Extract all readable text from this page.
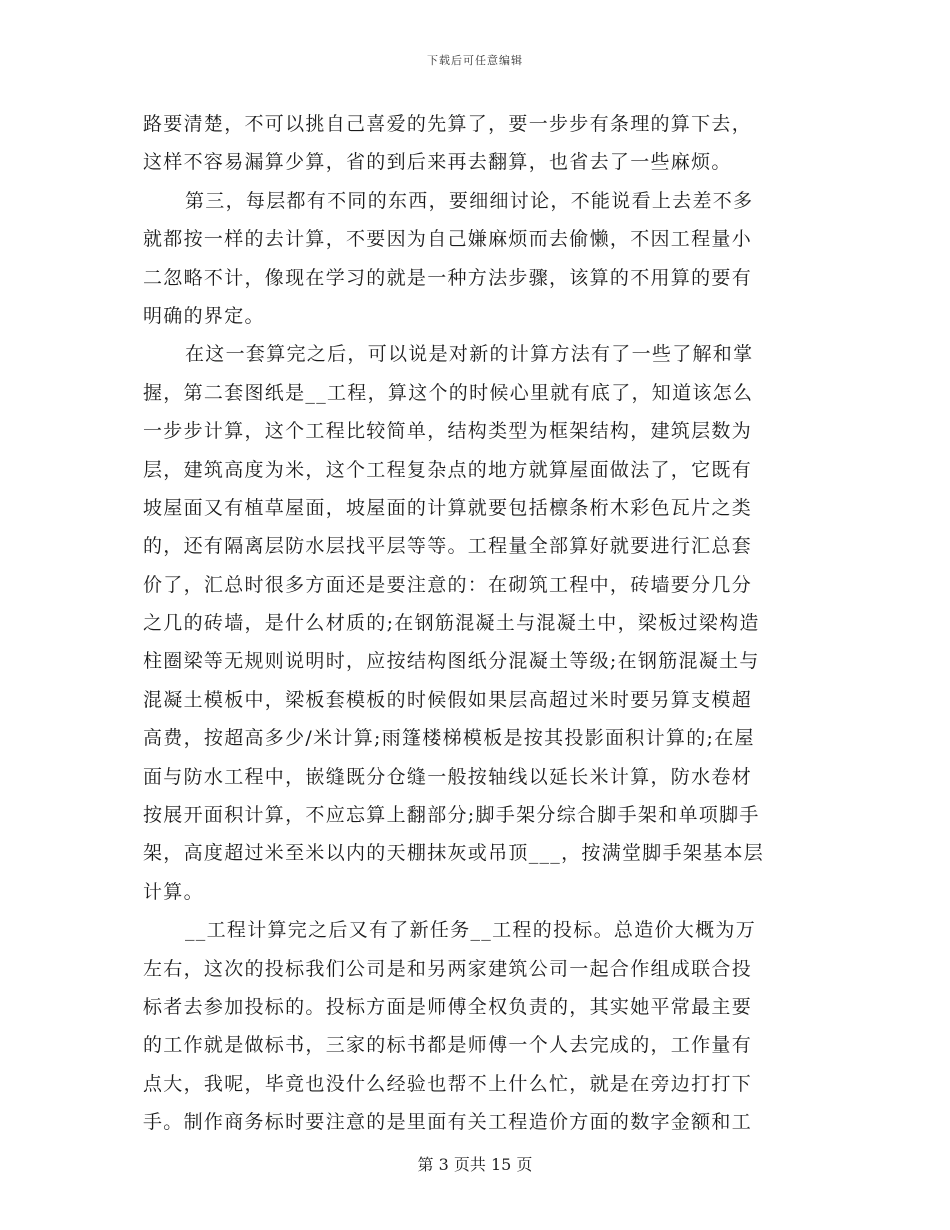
下载后可任意编辑
路要清楚，不可以挑自己喜爱的先算了，要一步步有条理的算下去，
这样不容易漏算少算，省的到后来再去翻算，也省去了一些麻烦。
第三，每层都有不同的东西，要细细讨论，不能说看上去差不多
就都按一样的去计算，不要因为自己嫌麻烦而去偷懒，不因工程量小
二忽略不计，像现在学习的就是一种方法步骤，该算的不用算的要有
明确的界定。
在这一套算完之后，可以说是对新的计算方法有了一些了解和掌
握，第二套图纸是__工程，算这个的时候心里就有底了，知道该怎么
一步步计算，这个工程比较简单，结构类型为框架结构，建筑层数为
层，建筑高度为米，这个工程复杂点的地方就算屋面做法了，它既有
坡屋面又有植草屋面，坡屋面的计算就要包括檩条桁木彩色瓦片之类
的，还有隔离层防水层找平层等等。工程量全部算好就要进行汇总套
价了，汇总时很多方面还是要注意的：在砌筑工程中，砖墙要分几分
之几的砖墙，是什么材质的;在钢筋混凝土与混凝土中，梁板过梁构造
柱圈梁等无规则说明时，应按结构图纸分混凝土等级;在钢筋混凝土与
混凝土模板中，梁板套模板的时候假如果层高超过米时要另算支模超
高费，按超高多少/米计算;雨篷楼梯模板是按其投影面积计算的;在屋
面与防水工程中，嵌缝既分仓缝一般按轴线以延长米计算，防水卷材
按展开面积计算，不应忘算上翻部分;脚手架分综合脚手架和单项脚手
架，高度超过米至米以内的天棚抹灰或吊顶___，按满堂脚手架基本层
计算。
__工程计算完之后又有了新任务__工程的投标。总造价大概为万
左右，这次的投标我们公司是和另两家建筑公司一起合作组成联合投
标者去参加投标的。投标方面是师傅全权负责的，其实她平常最主要
的工作就是做标书，三家的标书都是师傅一个人去完成的，工作量有
点大，我呢，毕竟也没什么经验也帮不上什么忙，就是在旁边打打下
手。制作商务标时要注意的是里面有关工程造价方面的数字金额和工
第 3 页共 15 页
